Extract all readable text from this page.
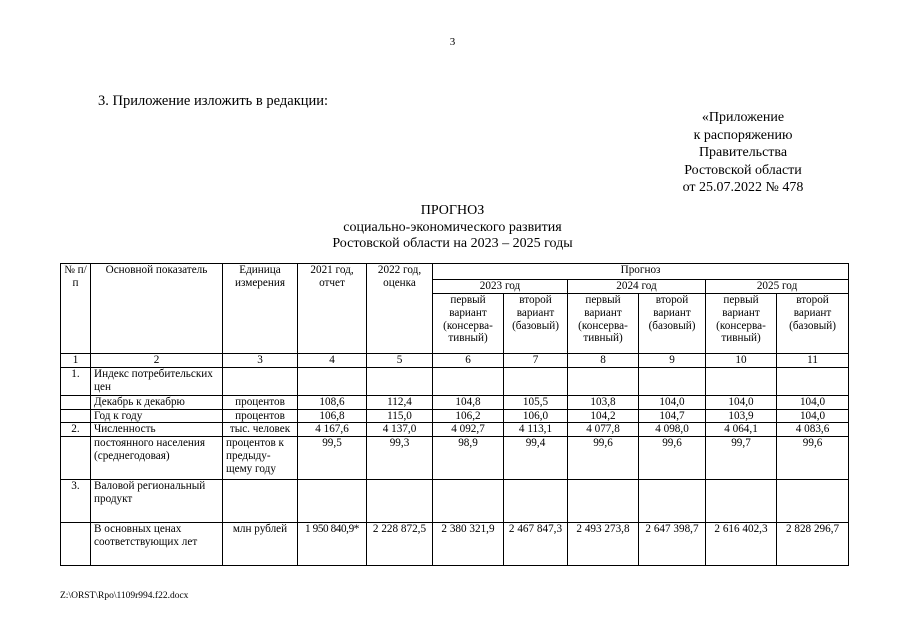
3
3. Приложение изложить в редакции:
«Приложение
к распоряжению
Правительства
Ростовской области
от 25.07.2022 № 478
ПРОГНОЗ
социально-экономического развития
Ростовской области на 2023 – 2025 годы
№ п/п	Основной показатель	Единица измерения	2021 год, отчет	2022 год, оценка	Прогноз					
					2023 год		2024 год		2025 год	
					первый вариант (консерва-тивный)	второй вариант (базовый)	первый вариант (консерва-тивный)	второй вариант (базовый)	первый вариант (консерва-тивный)	второй вариант (базовый)
1	2	3	4	5	6	7	8	9	10	11
1.	Индекс потребительских цен									
	Декабрь к декабрю	процентов	108,6	112,4	104,8	105,5	103,8	104,0	104,0	104,0
	Год к году	процентов	106,8	115,0	106,2	106,0	104,2	104,7	103,9	104,0
2.	Численность	тыс. человек	4 167,6	4 137,0	4 092,7	4 113,1	4 077,8	4 098,0	4 064,1	4 083,6
	постоянного населения (среднегодовая)	процентов к предыду-щему году	99,5	99,3	98,9	99,4	99,6	99,6	99,7	99,6
3.	Валовой региональный продукт									
	В основных ценах соответствующих лет	млн рублей	1 950 840,9*	2 228 872,5	2 380 321,9	2 467 847,3	2 493 273,8	2 647 398,7	2 616 402,3	2 828 296,7
Z:\ORST\Rpo\1109r994.f22.docx
